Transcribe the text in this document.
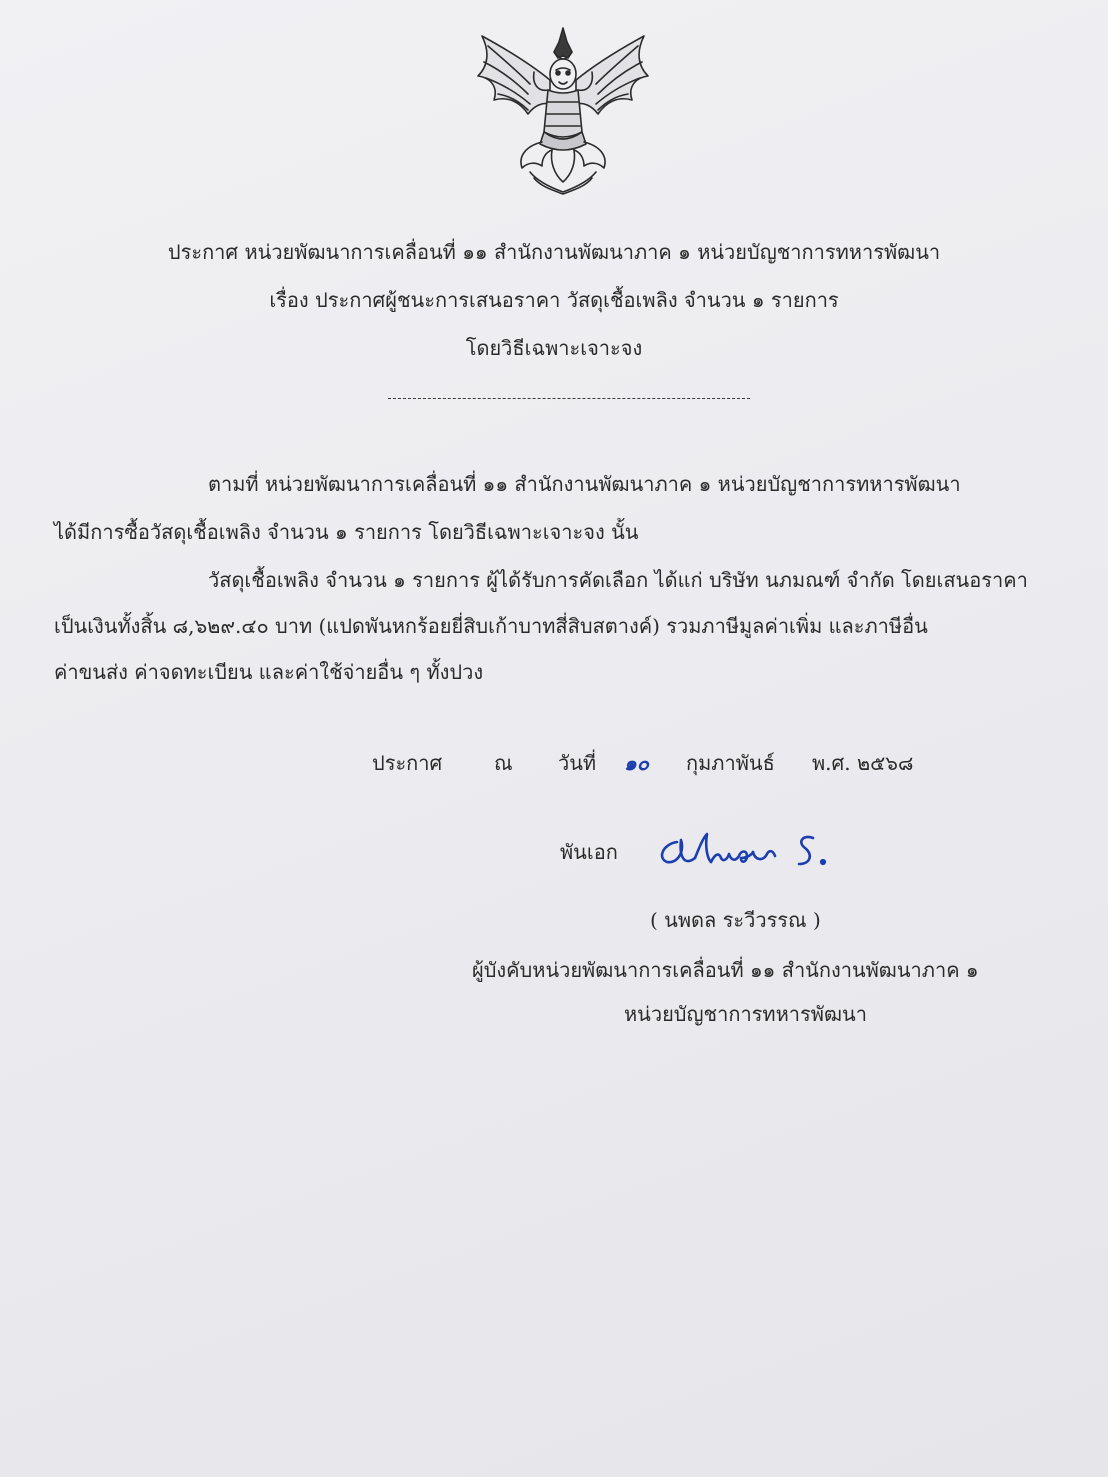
ประกาศ หน่วยพัฒนาการเคลื่อนที่ ๑๑ สำนักงานพัฒนาภาค ๑ หน่วยบัญชาการทหารพัฒนา
เรื่อง ประกาศผู้ชนะการเสนอราคา วัสดุเชื้อเพลิง จำนวน ๑ รายการ
โดยวิธีเฉพาะเจาะจง
ตามที่ หน่วยพัฒนาการเคลื่อนที่ ๑๑ สำนักงานพัฒนาภาค ๑ หน่วยบัญชาการทหารพัฒนา
ได้มีการซื้อวัสดุเชื้อเพลิง จำนวน ๑ รายการ โดยวิธีเฉพาะเจาะจง นั้น
วัสดุเชื้อเพลิง จำนวน ๑ รายการ ผู้ได้รับการคัดเลือก ได้แก่ บริษัท นภมณฑ์ จำกัด โดยเสนอราคา
เป็นเงินทั้งสิ้น ๘,๖๒๙.๔๐ บาท (แปดพันหกร้อยยี่สิบเก้าบาทสี่สิบสตางค์) รวมภาษีมูลค่าเพิ่ม และภาษีอื่น
ค่าขนส่ง ค่าจดทะเบียน และค่าใช้จ่ายอื่น ๆ ทั้งปวง
ประกาศ	ณ วันที่ ๑๐ กุมภาพันธ์ พ.ศ. ๒๕๖๘
พันเอก
( นพดล ระวีวรรณ )
ผู้บังคับหน่วยพัฒนาการเคลื่อนที่ ๑๑ สำนักงานพัฒนาภาค ๑
หน่วยบัญชาการทหารพัฒนา
